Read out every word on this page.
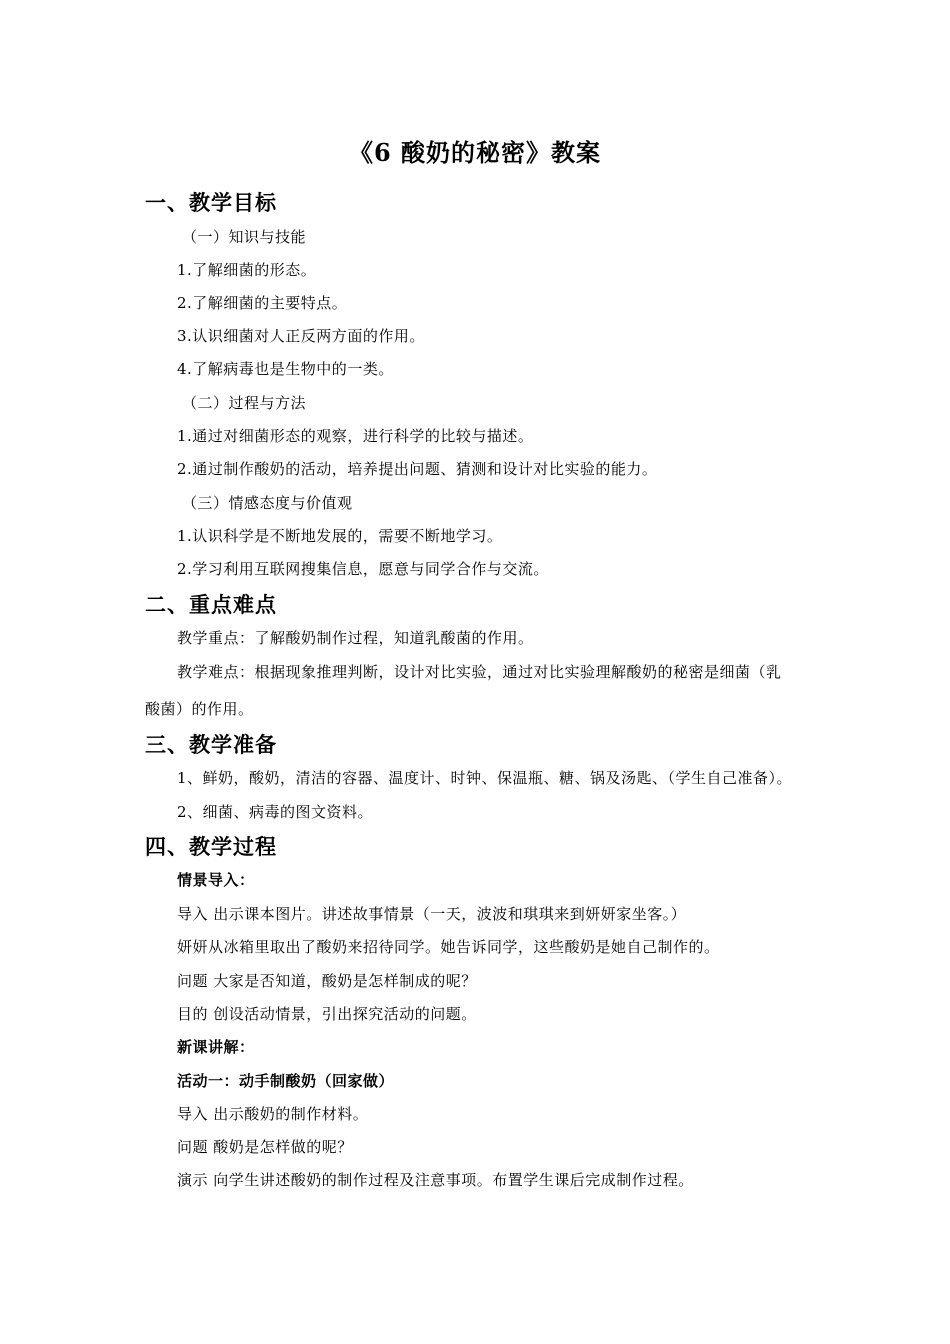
《6 酸奶的秘密》教案
一、教学目标
（一）知识与技能
1.了解细菌的形态。
2.了解细菌的主要特点。
3.认识细菌对人正反两方面的作用。
4.了解病毒也是生物中的一类。
（二）过程与方法
1.通过对细菌形态的观察，进行科学的比较与描述。
2.通过制作酸奶的活动，培养提出问题、猜测和设计对比实验的能力。
（三）情感态度与价值观
1.认识科学是不断地发展的，需要不断地学习。
2.学习利用互联网搜集信息，愿意与同学合作与交流。
二、重点难点
教学重点：了解酸奶制作过程，知道乳酸菌的作用。
教学难点：根据现象推理判断，设计对比实验，通过对比实验理解酸奶的秘密是细菌（乳
酸菌）的作用。
三、教学准备
1、鲜奶，酸奶，清洁的容器、温度计、时钟、保温瓶、糖、锅及汤匙、（学生自己准备）。
2、细菌、病毒的图文资料。
四、教学过程
情景导入：
导入 出示课本图片。讲述故事情景（一天，波波和琪琪来到妍妍家坐客。）
妍妍从冰箱里取出了酸奶来招待同学。她告诉同学，这些酸奶是她自己制作的。
问题 大家是否知道，酸奶是怎样制成的呢？
目的 创设活动情景，引出探究活动的问题。
新课讲解：
活动一：动手制酸奶（回家做）
导入 出示酸奶的制作材料。
问题 酸奶是怎样做的呢？
演示 向学生讲述酸奶的制作过程及注意事项。布置学生课后完成制作过程。
